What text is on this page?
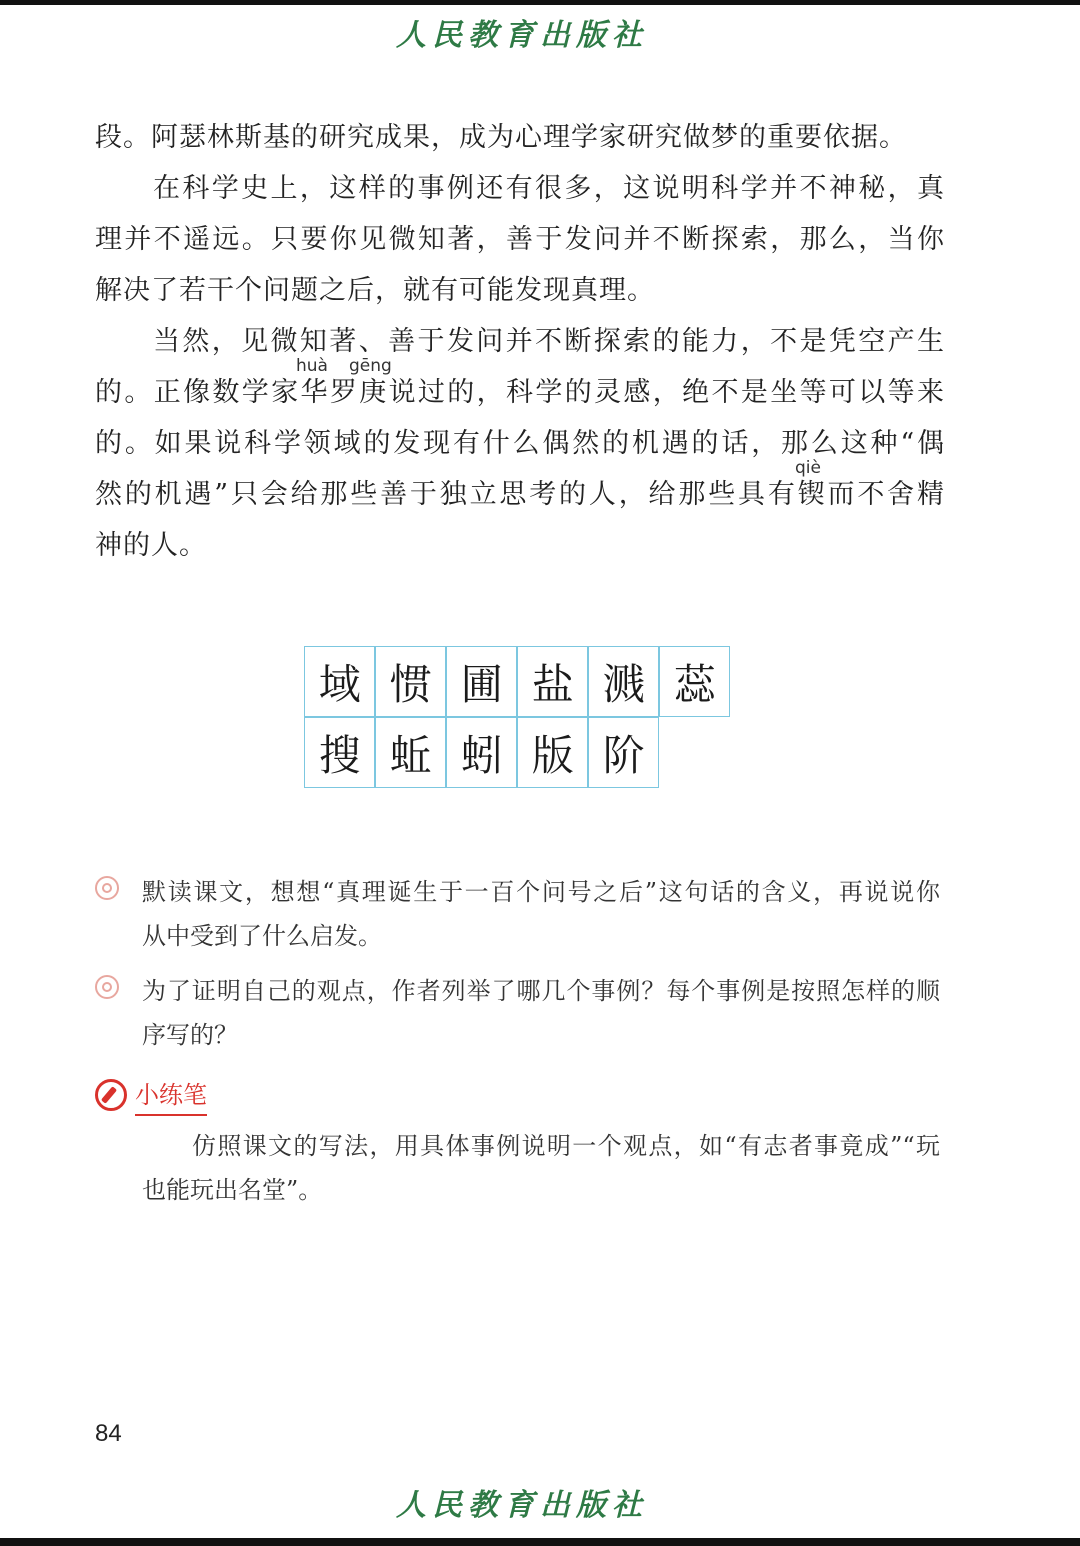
人民教育出版社
段。阿瑟林斯基的研究成果，成为心理学家研究做梦的重要依据。
在科学史上，这样的事例还有很多，这说明科学并不神秘，真
理并不遥远。只要你见微知著，善于发问并不断探索，那么，当你
解决了若干个问题之后，就有可能发现真理。
当然，见微知著、善于发问并不断探索的能力，不是凭空产生
huà gēng
的。正像数学家华罗庚说过的，科学的灵感，绝不是坐等可以等来
的。如果说科学领域的发现有什么偶然的机遇的话，那么这种“偶
qiè
然的机遇”只会给那些善于独立思考的人，给那些具有锲而不舍精
神的人。
域 惯 圃 盐 溅 蕊
搜 蚯 蚓 版 阶
默读课文，想想“真理诞生于一百个问号之后”这句话的含义，再说说你
从中受到了什么启发。
为了证明自己的观点，作者列举了哪几个事例？每个事例是按照怎样的顺
序写的？
小练笔
仿照课文的写法，用具体事例说明一个观点，如“有志者事竟成”“玩
也能玩出名堂”。
84
人民教育出版社
